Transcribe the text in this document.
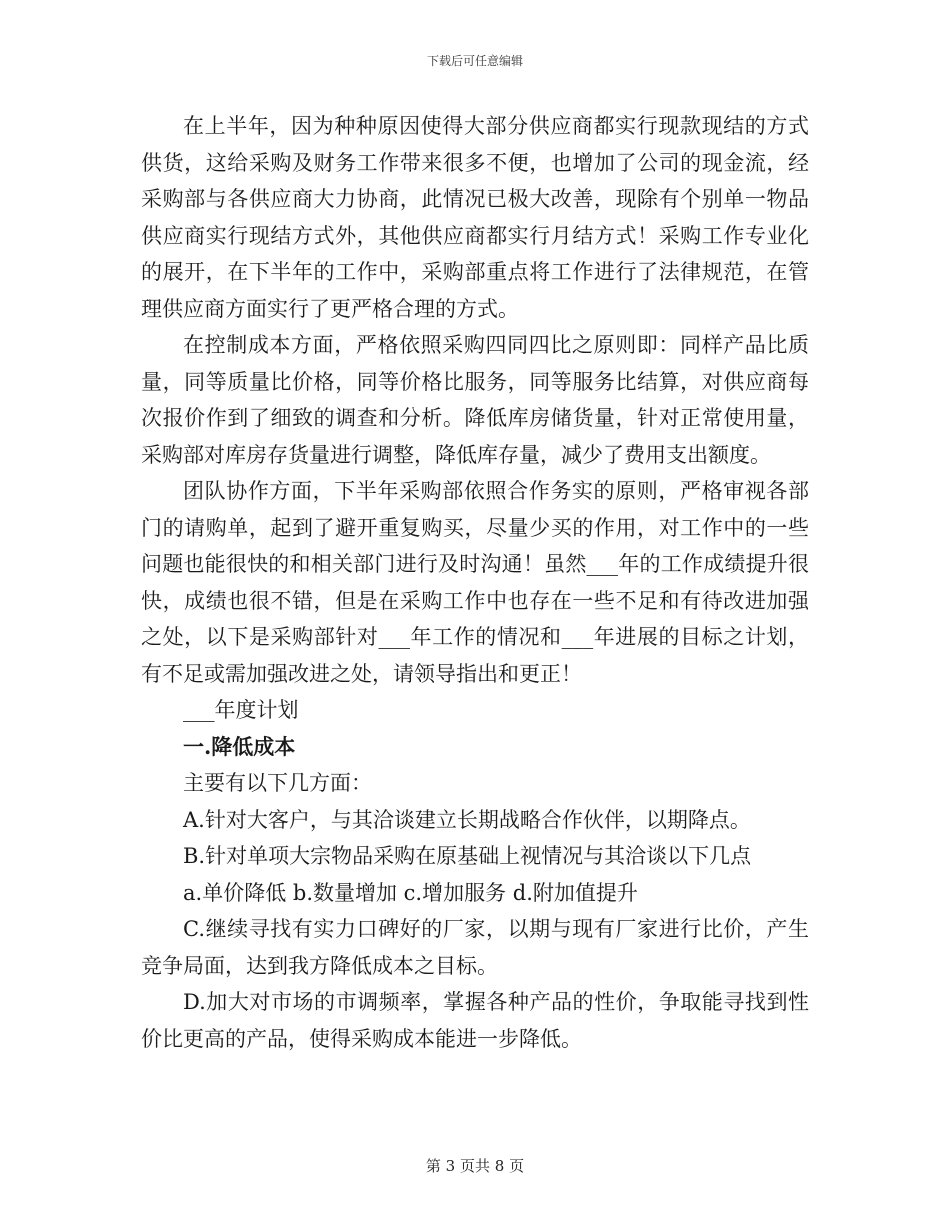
下载后可任意编辑

在上半年，因为种种原因使得大部分供应商都实行现款现结的方式供货，这给采购及财务工作带来很多不便，也增加了公司的现金流，经采购部与各供应商大力协商，此情况已极大改善，现除有个别单一物品供应商实行现结方式外，其他供应商都实行月结方式！采购工作专业化的展开，在下半年的工作中，采购部重点将工作进行了法律规范，在管理供应商方面实行了更严格合理的方式。

在控制成本方面，严格依照采购四同四比之原则即：同样产品比质量，同等质量比价格，同等价格比服务，同等服务比结算，对供应商每次报价作到了细致的调查和分析。降低库房储货量，针对正常使用量，采购部对库房存货量进行调整，降低库存量，减少了费用支出额度。

团队协作方面，下半年采购部依照合作务实的原则，严格审视各部门的请购单，起到了避开重复购买，尽量少买的作用，对工作中的一些问题也能很快的和相关部门进行及时沟通！虽然___年的工作成绩提升很快，成绩也很不错，但是在采购工作中也存在一些不足和有待改进加强之处，以下是采购部针对___年工作的情况和___年进展的目标之计划，有不足或需加强改进之处，请领导指出和更正！

___年度计划

一.降低成本

主要有以下几方面：

A.针对大客户，与其洽谈建立长期战略合作伙伴，以期降点。

B.针对单项大宗物品采购在原基础上视情况与其洽谈以下几点

a.单价降低 b.数量增加 c.增加服务 d.附加值提升

C.继续寻找有实力口碑好的厂家，以期与现有厂家进行比价，产生竞争局面，达到我方降低成本之目标。

D.加大对市场的市调频率，掌握各种产品的性价，争取能寻找到性价比更高的产品，使得采购成本能进一步降低。

第 3 页共 8 页
